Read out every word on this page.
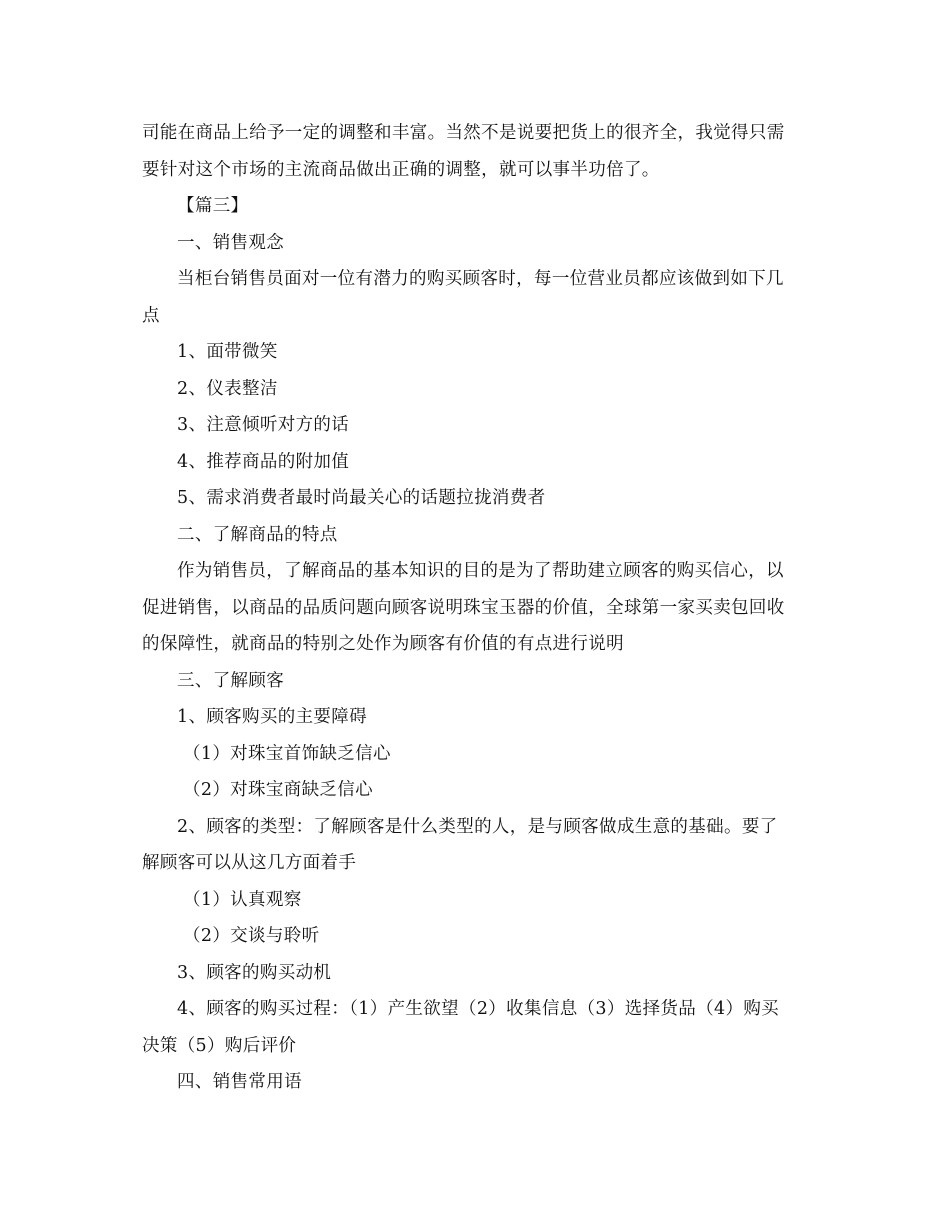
司能在商品上给予一定的调整和丰富。当然不是说要把货上的很齐全，我觉得只需
要针对这个市场的主流商品做出正确的调整，就可以事半功倍了。
【篇三】
一、销售观念
当柜台销售员面对一位有潜力的购买顾客时，每一位营业员都应该做到如下几
点
1、面带微笑
2、仪表整洁
3、注意倾听对方的话
4、推荐商品的附加值
5、需求消费者最时尚最关心的话题拉拢消费者
二、了解商品的特点
作为销售员，了解商品的基本知识的目的是为了帮助建立顾客的购买信心，以
促进销售，以商品的品质问题向顾客说明珠宝玉器的价值，全球第一家买卖包回收
的保障性，就商品的特别之处作为顾客有价值的有点进行说明
三、了解顾客
1、顾客购买的主要障碍
（1）对珠宝首饰缺乏信心
（2）对珠宝商缺乏信心
2、顾客的类型：了解顾客是什么类型的人，是与顾客做成生意的基础。要了
解顾客可以从这几方面着手
（1）认真观察
（2）交谈与聆听
3、顾客的购买动机
4、顾客的购买过程：（1）产生欲望（2）收集信息（3）选择货品（4）购买
决策（5）购后评价
四、销售常用语
